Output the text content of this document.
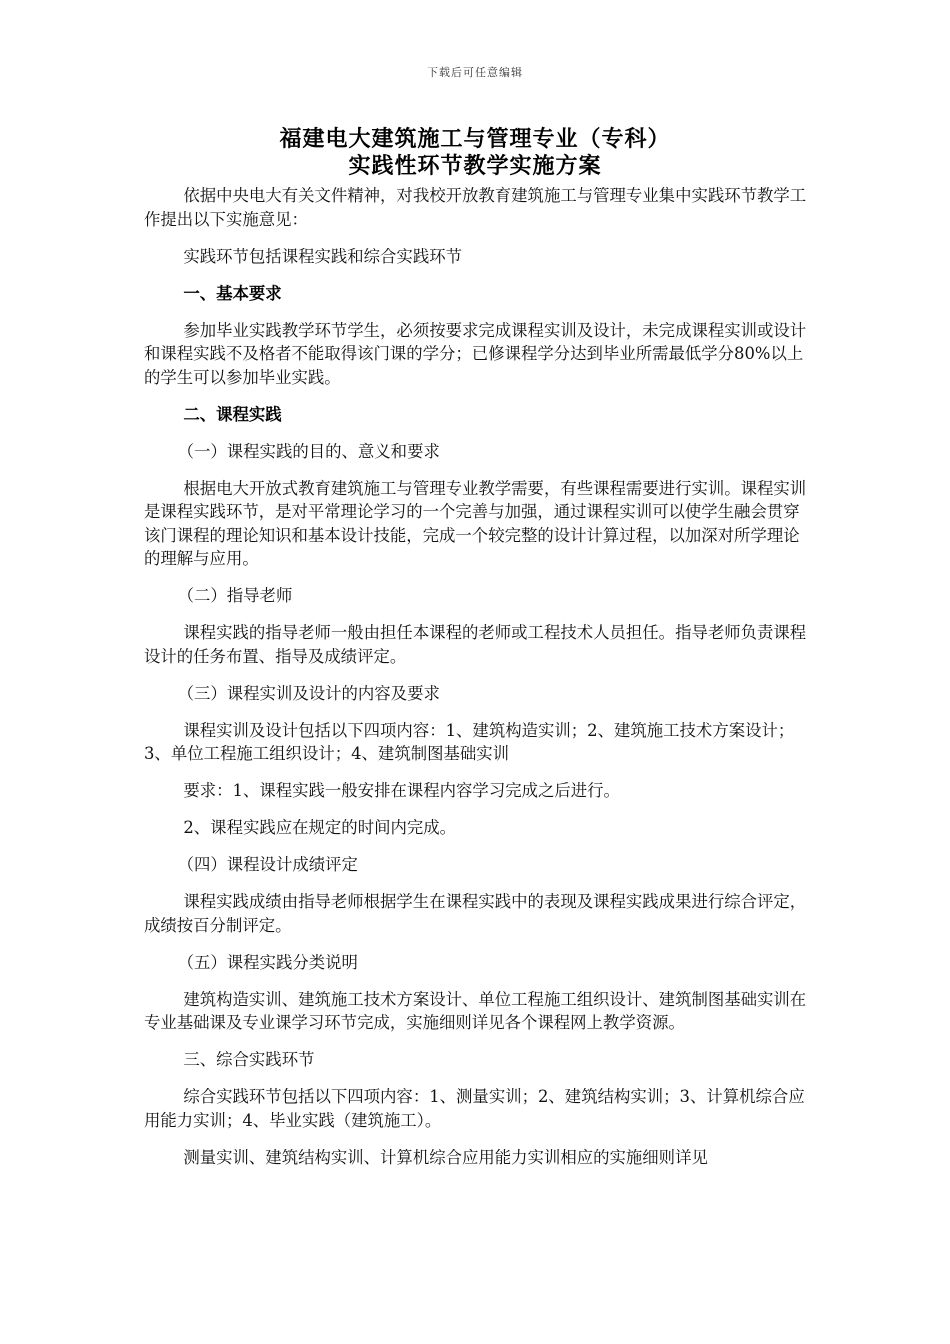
下载后可任意编辑
福建电大建筑施工与管理专业（专科）
实践性环节教学实施方案

依据中央电大有关文件精神，对我校开放教育建筑施工与管理专业集中实践环节教学工作提出以下实施意见：

实践环节包括课程实践和综合实践环节

一、基本要求

参加毕业实践教学环节学生，必须按要求完成课程实训及设计，未完成课程实训或设计和课程实践不及格者不能取得该门课的学分；已修课程学分达到毕业所需最低学分80%以上的学生可以参加毕业实践。

二、课程实践

（一）课程实践的目的、意义和要求

根据电大开放式教育建筑施工与管理专业教学需要，有些课程需要进行实训。课程实训是课程实践环节，是对平常理论学习的一个完善与加强，通过课程实训可以使学生融会贯穿该门课程的理论知识和基本设计技能，完成一个较完整的设计计算过程，以加深对所学理论的理解与应用。

（二）指导老师

课程实践的指导老师一般由担任本课程的老师或工程技术人员担任。指导老师负责课程设计的任务布置、指导及成绩评定。

（三）课程实训及设计的内容及要求

课程实训及设计包括以下四项内容：1、建筑构造实训；2、建筑施工技术方案设计；3、单位工程施工组织设计；4、建筑制图基础实训

要求：1、课程实践一般安排在课程内容学习完成之后进行。

2、课程实践应在规定的时间内完成。

（四）课程设计成绩评定

课程实践成绩由指导老师根据学生在课程实践中的表现及课程实践成果进行综合评定，成绩按百分制评定。

（五）课程实践分类说明

建筑构造实训、建筑施工技术方案设计、单位工程施工组织设计、建筑制图基础实训在专业基础课及专业课学习环节完成，实施细则详见各个课程网上教学资源。

三、综合实践环节

综合实践环节包括以下四项内容：1、测量实训；2、建筑结构实训；3、计算机综合应用能力实训；4、毕业实践（建筑施工）。

测量实训、建筑结构实训、计算机综合应用能力实训相应的实施细则详见
